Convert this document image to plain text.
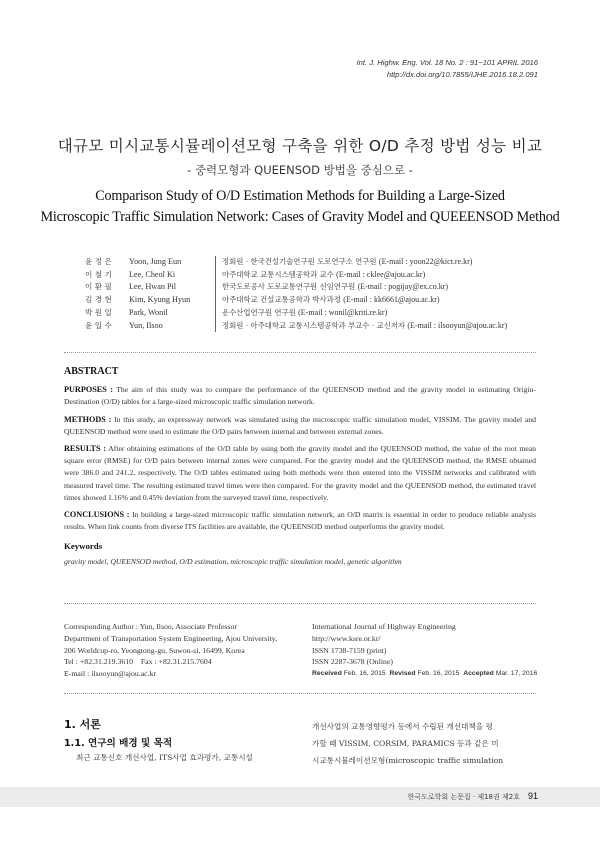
Int. J. Highw. Eng. Vol. 18 No. 2 : 91~101 APRIL 2016
http://dx.doi.org/10.7855/IJHE.2016.18.2.091
대규모 미시교통시뮬레이션모형 구축을 위한 O/D 추정 방법 성능 비교
- 중력모형과 QUEENSOD 방법을 중심으로 -
Comparison Study of O/D Estimation Methods for Building a Large-Sized
Microscopic Traffic Simulation Network: Cases of Gravity Model and QUEEENSOD Method
윤 정 은	Yoon, Jung Eun	정회원 · 한국건설기술연구원 도로연구소 연구원 (E-mail : yoon22@kict.re.kr)
이 철 기	Lee, Cheol Ki	아주대학교 교통시스템공학과 교수 (E-mail : cklee@ajou.ac.kr)
이 환 필	Lee, Hwan Pil	한국도로공사 도로교통연구원 선임연구원 (E-mail : pogijay@ex.co.kr)
김 경 현	Kim, Kyung Hyun	아주대학교 건설교통공학과 박사과정 (E-mail : kk6661@ajou.ac.kr)
박 원 일	Park, Wonil	운수산업연구원 연구원 (E-mail : wonil@kriti.re.kr)
윤 일 수	Yun, Ilsoo	정회원 · 아주대학교 교통시스템공학과 부교수 · 교신저자 (E-mail : ilsooyun@ajou.ac.kr)
ABSTRACT

PURPOSES : The aim of this study was to compare the performance of the QUEENSOD method and the gravity model in estimating Origin-Destination (O/D) tables for a large-sized microscopic traffic simulation network.

METHODS : In this study, an expressway network was simulated using the microscopic traffic simulation model, VISSIM. The gravity model and QUEENSOD method were used to estimate the O/D pairs between internal and between external zones.

RESULTS : After obtaining estimations of the O/D table by using both the gravity model and the QUEENSOD method, the value of the root mean square error (RMSE) for O/D pairs between internal zones were compared. For the gravity model and the QUEENSOD method, the RMSE obtained were 386.0 and 241.2, respectively. The O/D tables estimated using both methods were then entered into the VISSIM networks and calibrated with measured travel time. The resulting estimated travel times were then compared. For the gravity model and the QUEENSOD method, the estimated travel times showed 1.16% and 0.45% deviation from the surveyed travel time, respectively.

CONCLUSIONS : In building a large-sized microscopic traffic simulation network, an O/D matrix is essential in order to produce reliable analysis results. When link counts from diverse ITS facilities are available, the QUEENSOD method outperforms the gravity model.

Keywords

gravity model, QUEENSOD method, O/D estimation, microscopic traffic simulation model, genetic algorithm

Corresponding Author : Yun, Ilsoo, Associate Professor
Department of Transportation System Engineering, Ajou University,
206 Worldcup-ro, Yeongtong-gu, Suwon-si, 16499, Korea
Tel : +82.31.219.3610    Fax : +82.31.215.7604
E-mail : ilsooyun@ajou.ac.kr
International Journal of Highway Engineering
http://www.ksre.or.kr/
ISSN 1738-7159 (print)
ISSN 2287-3678 (Online)
Received Feb. 16, 2015 Revised Feb. 16, 2015 Accepted Mar. 17, 2016
1. 서론
1.1. 연구의 배경 및 목적
최근 교통신호 개선사업, ITS사업 효과평가, 교통시설
개선사업의 교통영향평가 등에서 수립된 개선대책을 평
가할 때 VISSIM, CORSIM, PARAMICS 등과 같은 미
시교통시뮬레이션모형(microscopic traffic simulation
한국도로학회 논문집 · 제18권 제2호 91
